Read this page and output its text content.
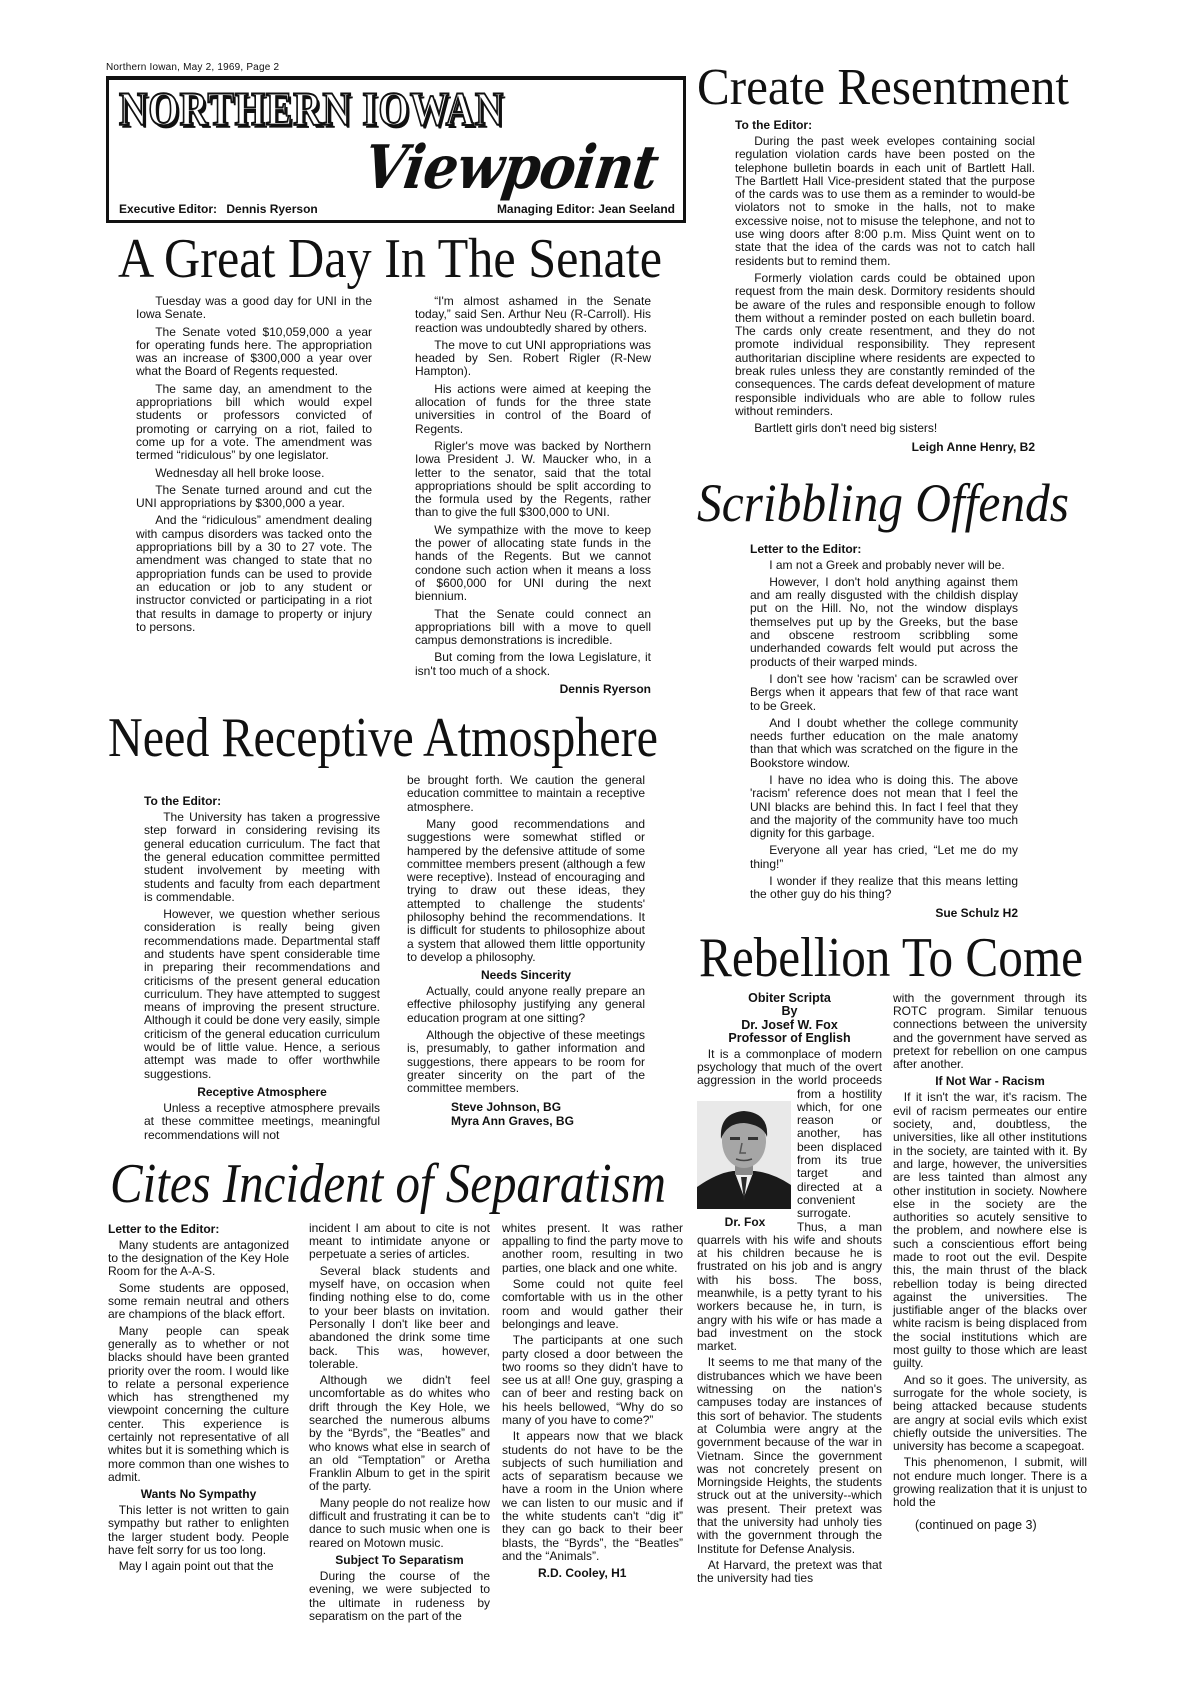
Northern Iowan, May 2, 1969, Page 2
NORTHERN IOWAN
Viewpoint
Executive Editor: Dennis Ryerson	Managing Editor: Jean Seeland
A Great Day In The Senate

Tuesday was a good day for UNI in the Iowa Senate.

The Senate voted $10,059,000 a year for operating funds here. The appropriation was an increase of $300,000 a year over what the Board of Regents requested.

The same day, an amendment to the appropriations bill which would expel students or professors convicted of promoting or carrying on a riot, failed to come up for a vote. The amendment was termed “ridiculous” by one legislator.

Wednesday all hell broke loose.

The Senate turned around and cut the UNI appropriations by $300,000 a year.

And the “ridiculous” amendment dealing with campus disorders was tacked onto the appropriations bill by a 30 to 27 vote. The amendment was changed to state that no appropriation funds can be used to provide an education or job to any student or instructor convicted or participating in a riot that results in damage to property or injury to persons.

“I'm almost ashamed in the Senate today,” said Sen. Arthur Neu (R-Carroll). His reaction was undoubtedly shared by others.

The move to cut UNI appropriations was headed by Sen. Robert Rigler (R-New Hampton).

His actions were aimed at keeping the allocation of funds for the three state universities in control of the Board of Regents.

Rigler's move was backed by Northern Iowa President J. W. Maucker who, in a letter to the senator, said that the total appropriations should be split according to the formula used by the Regents, rather than to give the full $300,000 to UNI.

We sympathize with the move to keep the power of allocating state funds in the hands of the Regents. But we cannot condone such action when it means a loss of $600,000 for UNI during the next biennium.

That the Senate could connect an appropriations bill with a move to quell campus demonstrations is incredible.

But coming from the Iowa Legislature, it isn't too much of a shock.

Dennis Ryerson
Need Receptive Atmosphere
To the Editor:

The University has taken a progressive step forward in considering revising its general education curriculum. The fact that the general education committee permitted student involvement by meeting with students and faculty from each department is commendable.

However, we question whether serious consideration is really being given recommendations made. Departmental staff and students have spent considerable time in preparing their recommendations and criticisms of the present general education curriculum. They have attempted to suggest means of improving the present structure. Although it could be done very easily, simple criticism of the general education curriculum would be of little value. Hence, a serious attempt was made to offer worthwhile suggestions.

Receptive Atmosphere

Unless a receptive atmosphere prevails at these committee meetings, meaningful recommendations will not

be brought forth. We caution the general education committee to maintain a receptive atmosphere.

Many good recommendations and suggestions were somewhat stifled or hampered by the defensive attitude of some committee members present (although a few were receptive). Instead of encouraging and trying to draw out these ideas, they attempted to challenge the students' philosophy behind the recommendations. It is difficult for students to philosophize about a system that allowed them little opportunity to develop a philosophy.

Needs Sincerity

Actually, could anyone really prepare an effective philosophy justifying any general education program at one sitting?

Although the objective of these meetings is, presumably, to gather information and suggestions, there appears to be room for greater sincerity on the part of the committee members.

Steve Johnson, BG
Myra Ann Graves, BG
Cites Incident of Separatism
Letter to the Editor:

Many students are antagonized to the designation of the Key Hole Room for the A-A-S.

Some students are opposed, some remain neutral and others are champions of the black effort.

Many people can speak generally as to whether or not blacks should have been granted priority over the room. I would like to relate a personal experience which has strengthened my viewpoint concerning the culture center. This experience is certainly not representative of all whites but it is something which is more common than one wishes to admit.

Wants No Sympathy

This letter is not written to gain sympathy but rather to enlighten the larger student body. People have felt sorry for us too long.

May I again point out that the

incident I am about to cite is not meant to intimidate anyone or perpetuate a series of articles.

Several black students and myself have, on occasion when finding nothing else to do, come to your beer blasts on invitation. Personally I don't like beer and abandoned the drink some time back. This was, however, tolerable.

Although we didn't feel uncomfortable as do whites who drift through the Key Hole, we searched the numerous albums by the “Byrds”, the “Beatles” and who knows what else in search of an old “Temptation” or Aretha Franklin Album to get in the spirit of the party.

Many people do not realize how difficult and frustrating it can be to dance to such music when one is reared on Motown music.

Subject To Separatism

During the course of the evening, we were subjected to the ultimate in rudeness by separatism on the part of the

whites present. It was rather appalling to find the party move to another room, resulting in two parties, one black and one white.

Some could not quite feel comfortable with us in the other room and would gather their belongings and leave.

The participants at one such party closed a door between the two rooms so they didn't have to see us at all! One guy, grasping a can of beer and resting back on his heels bellowed, “Why do so many of you have to come?”

It appears now that we black students do not have to be the subjects of such humiliation and acts of separatism because we have a room in the Union where we can listen to our music and if the white students can't “dig it” they can go back to their beer blasts, the “Byrds”, the “Beatles” and the “Animals”.

R.D. Cooley, H1
Create Resentment
To the Editor:

During the past week evelopes containing social regulation violation cards have been posted on the telephone bulletin boards in each unit of Bartlett Hall. The Bartlett Hall Vice-president stated that the purpose of the cards was to use them as a reminder to would-be violators not to smoke in the halls, not to make excessive noise, not to misuse the telephone, and not to use wing doors after 8:00 p.m. Miss Quint went on to state that the idea of the cards was not to catch hall residents but to remind them.

Formerly violation cards could be obtained upon request from the main desk. Dormitory residents should be aware of the rules and responsible enough to follow them without a reminder posted on each bulletin board. The cards only create resentment, and they do not promote individual responsibility. They represent authoritarian discipline where residents are expected to break rules unless they are constantly reminded of the consequences. The cards defeat development of mature responsible individuals who are able to follow rules without reminders.

Bartlett girls don't need big sisters!

Leigh Anne Henry, B2
Scribbling Offends
Letter to the Editor:

I am not a Greek and probably never will be.

However, I don't hold anything against them and am really disgusted with the childish display put on the Hill. No, not the window displays themselves put up by the Greeks, but the base and obscene restroom scribbling some underhanded cowards felt would put across the products of their warped minds.

I don't see how 'racism' can be scrawled over Bergs when it appears that few of that race want to be Greek.

And I doubt whether the college community needs further education on the male anatomy than that which was scratched on the figure in the Bookstore window.

I have no idea who is doing this. The above 'racism' reference does not mean that I feel the UNI blacks are behind this. In fact I feel that they and the majority of the community have too much dignity for this garbage.

Everyone all year has cried, “Let me do my thing!”

I wonder if they realize that this means letting the other guy do his thing?

Sue Schulz H2
Rebellion To Come
Obiter Scripta
By
Dr. Josef W. Fox
Professor of English
Dr. Fox

It is a commonplace of modern psychology that much of the overt aggression in the world proceeds from a hostility which, for one reason or another, has been displaced from its true target and directed at a convenient surrogate. Thus, a man quarrels with his wife and shouts at his children because he is frustrated on his job and is angry with his boss. The boss, meanwhile, is a petty tyrant to his workers because he, in turn, is angry with his wife or has made a bad investment on the stock market.

It seems to me that many of the distrubances which we have been witnessing on the nation's campuses today are instances of this sort of behavior. The students at Columbia were angry at the government because of the war in Vietnam. Since the government was not concretely present on Morningside Heights, the students struck out at the university--which was present. Their pretext was that the university had unholy ties with the government through the Institute for Defense Analysis.

At Harvard, the pretext was that the university had ties

with the government through its ROTC program. Similar tenuous connections between the university and the government have served as pretext for rebellion on one campus after another.

If Not War - Racism

If it isn't the war, it's racism. The evil of racism permeates our entire society, and, doubtless, the universities, like all other institutions in the society, are tainted with it. By and large, however, the universities are less tainted than almost any other institution in society. Nowhere else in the society are the authorities so acutely sensitive to the problem, and nowhere else is such a conscientious effort being made to root out the evil. Despite this, the main thrust of the black rebellion today is being directed against the universities. The justifiable anger of the blacks over white racism is being displaced from the social institutions which are most guilty to those which are least guilty.

And so it goes. The university, as surrogate for the whole society, is being attacked because students are angry at social evils which exist chiefly outside the universities. The university has become a scapegoat.

This phenomenon, I submit, will not endure much longer. There is a growing realization that it is unjust to hold the

(continued on page 3)
